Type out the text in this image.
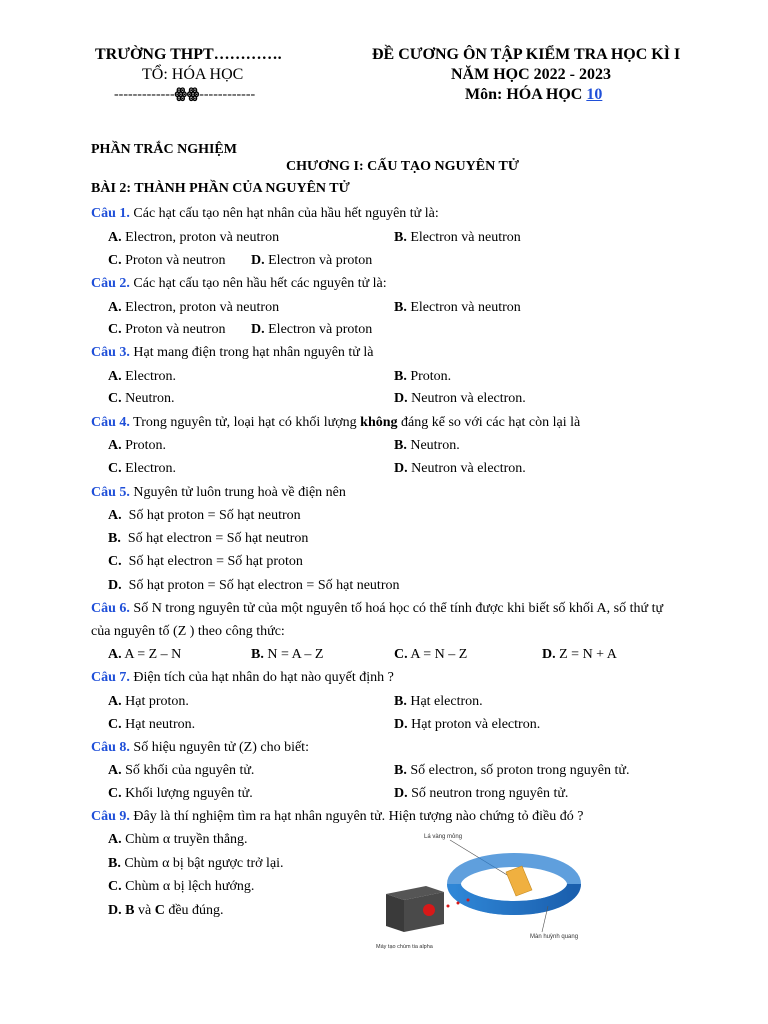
TRƯỜNG THPT………….
TỔ: HÓA HỌC
-------------ꙮꙮ------------
ĐỀ CƯƠNG ÔN TẬP KIỂM TRA HỌC KÌ I
NĂM HỌC 2022 - 2023
Môn: HÓA HỌC 10
PHẦN TRẮC NGHIỆM
CHƯƠNG I: CẤU TẠO NGUYÊN TỬ
BÀI 2: THÀNH PHẦN CỦA NGUYÊN TỬ
Câu 1. Các hạt cấu tạo nên hạt nhân của hầu hết nguyên tử là:
A. Electron, proton và neutron	B. Electron và neutron
C. Proton và neutron D. Electron và proton
Câu 2. Các hạt cấu tạo nên hầu hết các nguyên tử là:
A. Electron, proton và neutron	B. Electron và neutron
C. Proton và neutron D. Electron và proton
Câu 3. Hạt mang điện trong hạt nhân nguyên tử là
A. Electron.	B. Proton.
C. Neutron.	D. Neutron và electron.
Câu 4. Trong nguyên tử, loại hạt có khối lượng không đáng kể so với các hạt còn lại là
A. Proton.	B. Neutron.
C. Electron.	D. Neutron và electron.
Câu 5. Nguyên tử luôn trung hoà về điện nên
A. Số hạt proton = Số hạt neutron
B. Số hạt electron = Số hạt neutron
C. Số hạt electron = Số hạt proton
D. Số hạt proton = Số hạt electron = Số hạt neutron
Câu 6. Số N trong nguyên tử của một nguyên tố hoá học có thể tính được khi biết số khối A, số thứ tự
của nguyên tố (Z ) theo công thức:
A. A = Z – N	B. N = A – Z	C. A = N – Z	D. Z = N + A
Câu 7. Điện tích của hạt nhân do hạt nào quyết định ?
A. Hạt proton.	B. Hạt electron.
C. Hạt neutron.	D. Hạt proton và electron.
Câu 8. Số hiệu nguyên tử (Z) cho biết:
A. Số khối của nguyên tử.	B. Số electron, số proton trong nguyên tử.
C. Khối lượng nguyên tử.	D. Số neutron trong nguyên tử.
Câu 9. Đây là thí nghiệm tìm ra hạt nhân nguyên tử. Hiện tượng nào chứng tỏ điều đó ?
A. Chùm α truyền thẳng.
B. Chùm α bị bật ngược trở lại.
C. Chùm α bị lệch hướng.
D. B và C đều đúng.
Lá vàng mỏng
Màn huỳnh quang
Máy tạo chùm tia alpha
